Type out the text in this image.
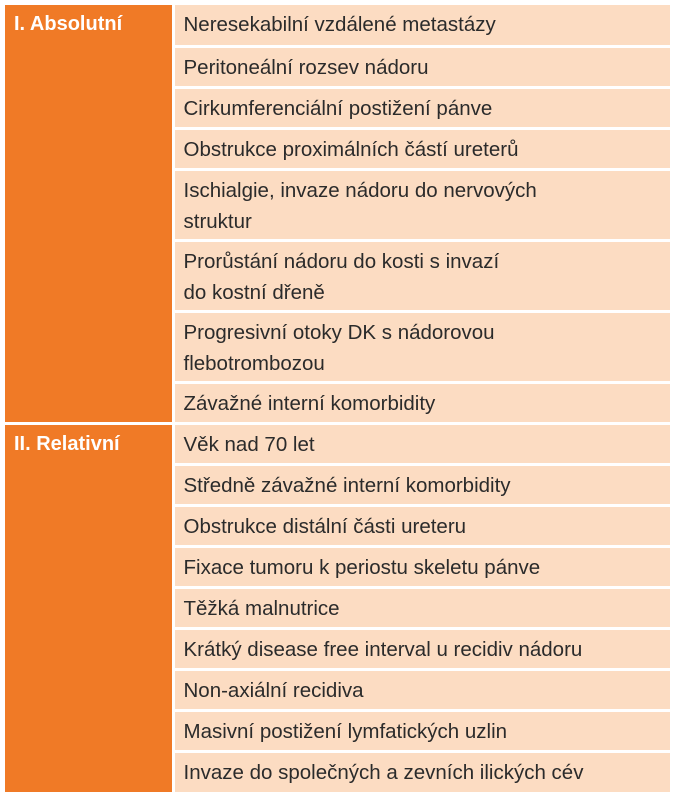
I. Absolutní	Neresekabilní vzdálené metastázy

	Peritoneální rozsev nádoru

	Cirkumferenciální postižení pánve

	Obstrukce proximálních částí ureterů

	Ischialgie, invaze nádoru do nervových
struktur

	Prorůstání nádoru do kosti s invazí
do kostní dřeně

	Progresivní otoky DK s nádorovou
flebotrombozou

	Závažné interní komorbidity

II. Relativní	Věk nad 70 let

	Středně závažné interní komorbidity

	Obstrukce distální části ureteru

	Fixace tumoru k periostu skeletu pánve

	Těžká malnutrice

	Krátký disease free interval u recidiv nádoru

	Non-axiální recidiva

	Masivní postižení lymfatických uzlin

	Invaze do společných a zevních ilických cév
